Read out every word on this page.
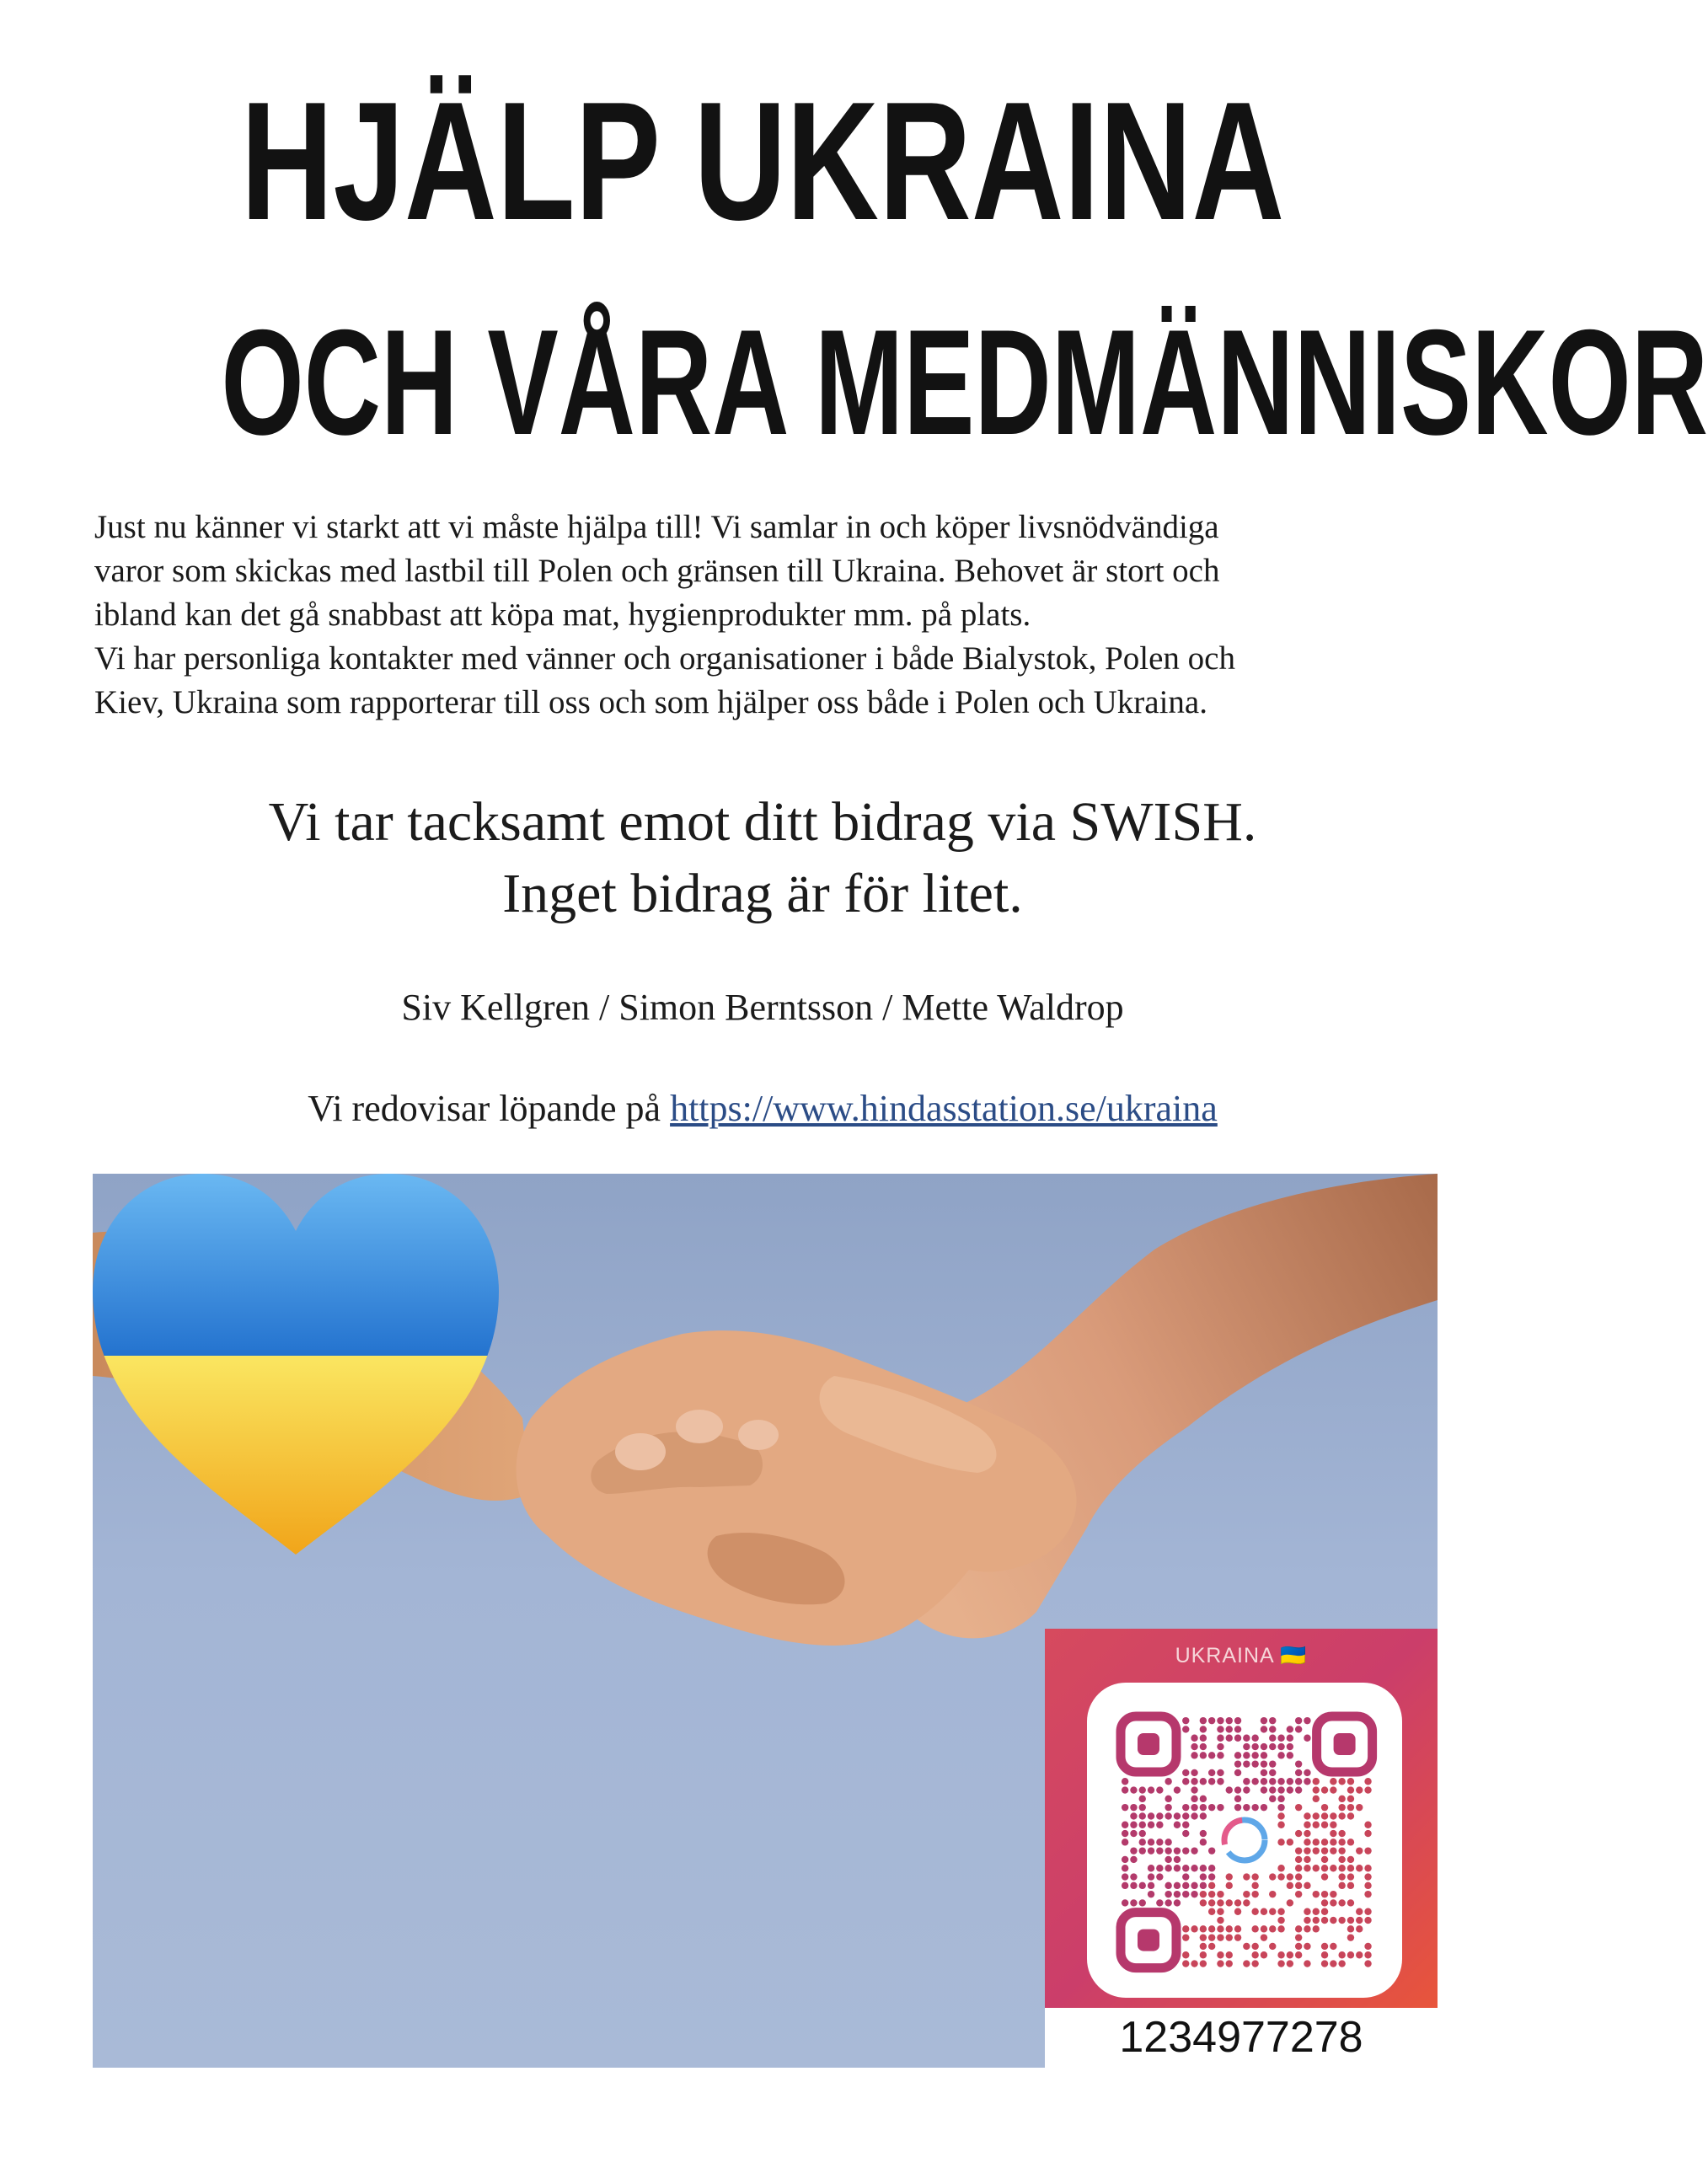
HJÄLP UKRAINA
OCH VÅRA MEDMÄNNISKOR

Just nu känner vi starkt att vi måste hjälpa till! Vi samlar in och köper livsnödvändiga

varor som skickas med lastbil till Polen och gränsen till Ukraina. Behovet är stort och

ibland kan det gå snabbast att köpa mat, hygienprodukter mm. på plats.

Vi har personliga kontakter med vänner och organisationer i både Bialystok, Polen och

Kiev, Ukraina som rapporterar till oss och som hjälper oss både i Polen och Ukraina.

Vi tar tacksamt emot ditt bidrag via SWISH.
Inget bidrag är för litet.
Siv Kellgren / Simon Berntsson / Mette Waldrop
Vi redovisar löpande på https://www.hindasstation.se/ukraina
UKRAINA 🇺🇦
1234977278
